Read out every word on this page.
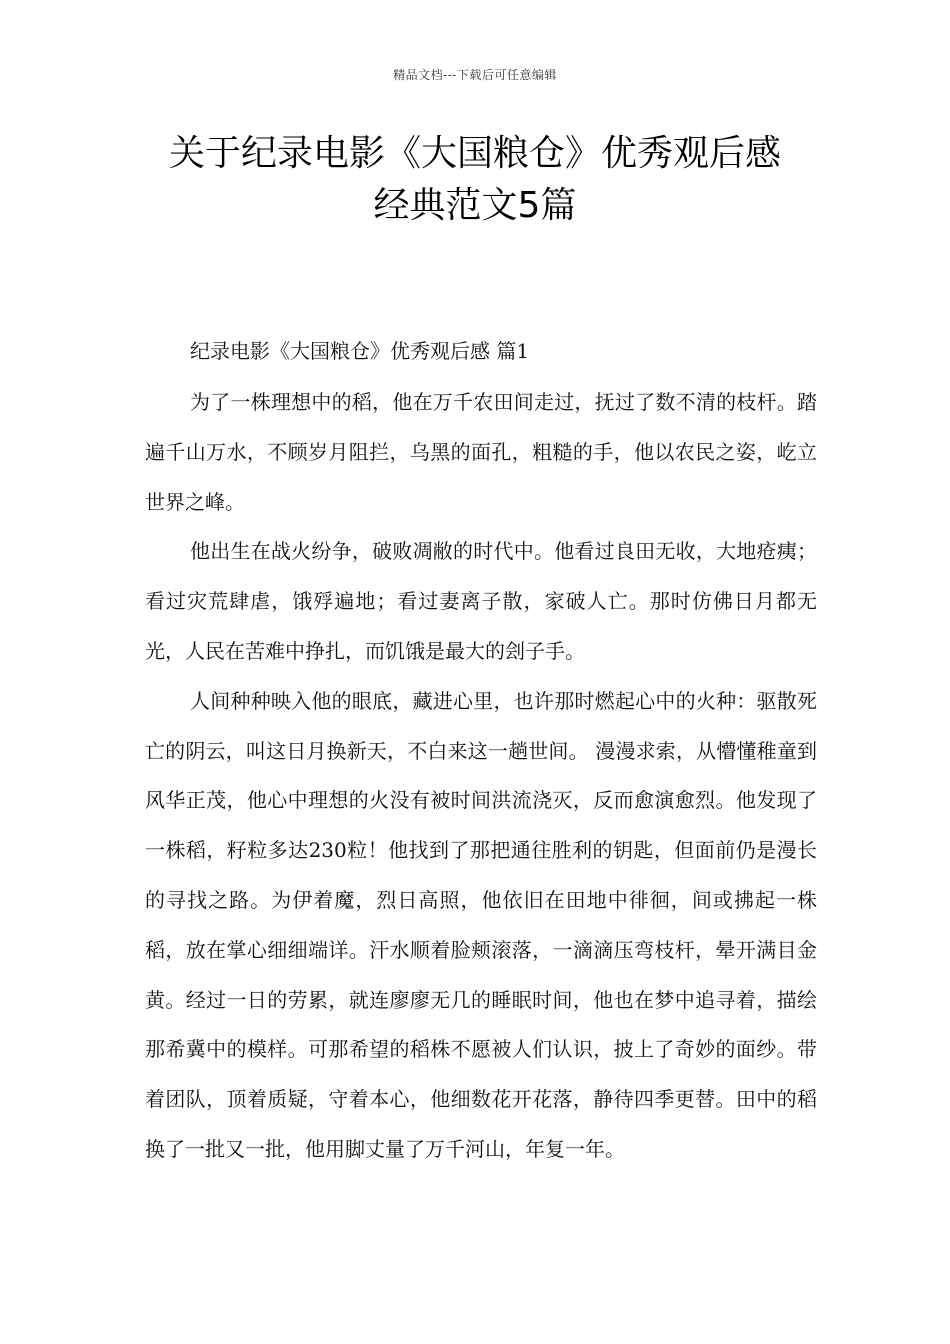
精品文档---下载后可任意编辑
关于纪录电影《大国粮仓》优秀观后感
经典范文5篇
纪录电影《大国粮仓》优秀观后感 篇1

为了一株理想中的稻，他在万千农田间走过，抚过了数不清的枝杆。踏遍千山万水，不顾岁月阻拦，乌黑的面孔，粗糙的手，他以农民之姿，屹立世界之峰。

他出生在战火纷争，破败凋敝的时代中。他看过良田无收，大地疮痍；看过灾荒肆虐，饿殍遍地；看过妻离子散，家破人亡。那时仿佛日月都无光，人民在苦难中挣扎，而饥饿是最大的刽子手。

人间种种映入他的眼底，藏进心里，也许那时燃起心中的火种：驱散死亡的阴云，叫这日月换新天，不白来这一趟世间。 漫漫求索，从懵懂稚童到风华正茂，他心中理想的火没有被时间洪流浇灭，反而愈演愈烈。他发现了一株稻，籽粒多达230粒！他找到了那把通往胜利的钥匙，但面前仍是漫长的寻找之路。为伊着魔，烈日高照，他依旧在田地中徘徊，间或拂起一株稻，放在掌心细细端详。汗水顺着脸颊滚落，一滴滴压弯枝杆，晕开满目金黄。经过一日的劳累，就连廖廖无几的睡眠时间，他也在梦中追寻着，描绘那希冀中的模样。可那希望的稻株不愿被人们认识，披上了奇妙的面纱。带着团队，顶着质疑，守着本心，他细数花开花落，静待四季更替。田中的稻换了一批又一批，他用脚丈量了万千河山，年复一年。
